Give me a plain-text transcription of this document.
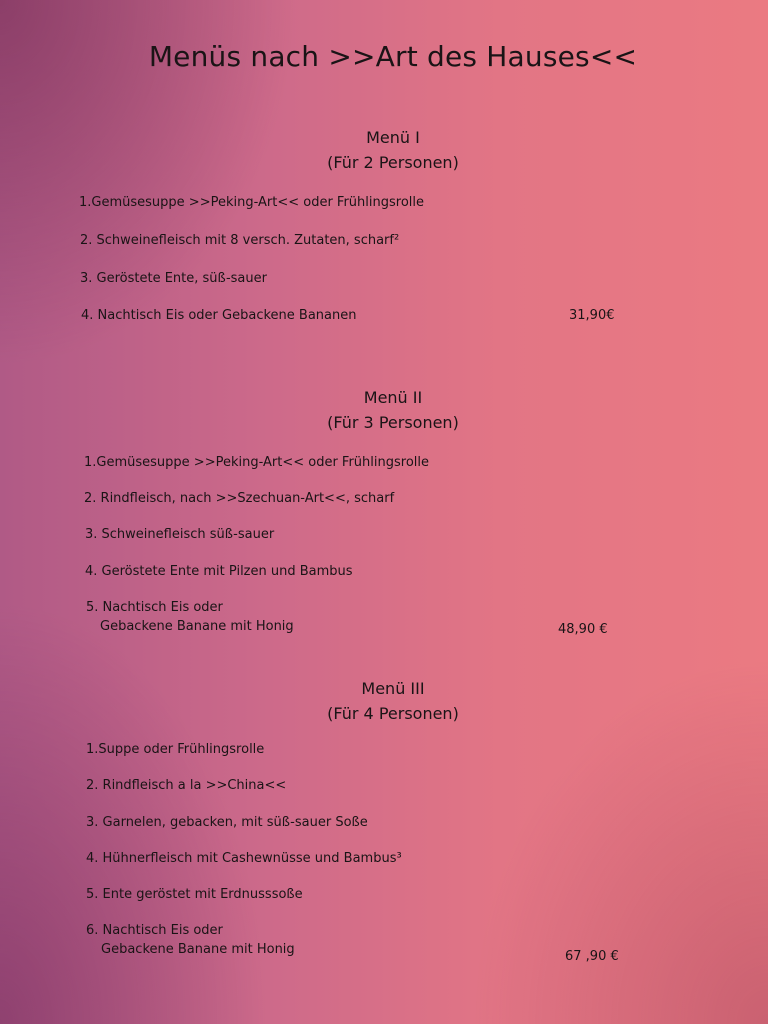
Menüs nach >>Art des Hauses<<
Menü I
(Für 2 Personen)
1.Gemüsesuppe >>Peking-Art<< oder Frühlingsrolle
2. Schweinefleisch mit 8 versch. Zutaten, scharf²
3. Geröstete Ente, süß-sauer
4. Nachtisch Eis oder Gebackene Bananen	31,90€
Menü II
(Für 3 Personen)
1.Gemüsesuppe >>Peking-Art<< oder Frühlingsrolle
2. Rindfleisch, nach >>Szechuan-Art<<, scharf
3. Schweinefleisch süß-sauer
4. Geröstete Ente mit Pilzen und Bambus
5. Nachtisch Eis oder
Gebackene Banane mit Honig	48,90 €
Menü III
(Für 4 Personen)
1.Suppe oder Frühlingsrolle
2. Rindfleisch a la >>China<<
3. Garnelen, gebacken, mit süß-sauer Soße
4. Hühnerfleisch mit Cashewnüsse und Bambus³
5. Ente geröstet mit Erdnusssoße
6. Nachtisch Eis oder
Gebackene Banane mit Honig	67 ,90 €
